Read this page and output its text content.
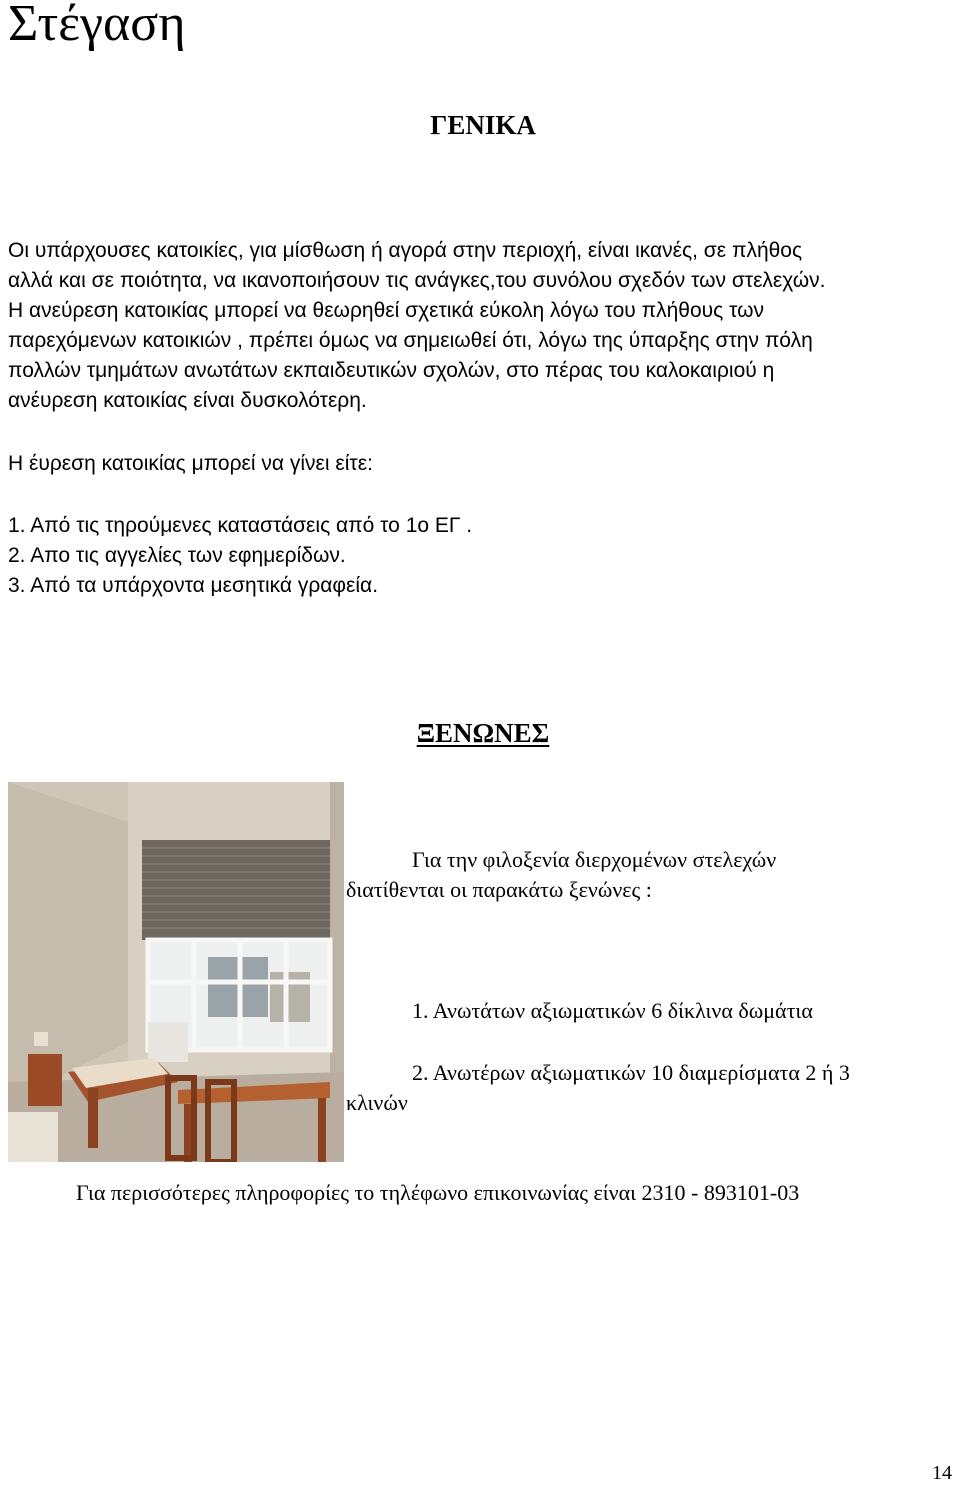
Στέγαση
ΓΕΝΙΚΑ

Οι υπάρχουσες κατοικίες, για μίσθωση ή αγορά στην περιοχή, είναι ικανές, σε πλήθος

αλλά και σε ποιότητα, να ικανοποιήσουν τις ανάγκες,του συνόλου σχεδόν των στελεχών.

Η ανεύρεση κατοικίας μπορεί να θεωρηθεί σχετικά εύκολη λόγω του πλήθους των

παρεχόμενων κατοικιών , πρέπει όμως να σημειωθεί ότι, λόγω της ύπαρξης στην πόλη

πολλών τμημάτων ανωτάτων εκπαιδευτικών σχολών, στο πέρας του καλοκαιριού η

ανέυρεση κατοικίας είναι δυσκολότερη.

Η έυρεση κατοικίας μπορεί να γίνει είτε:
1. Από τις τηρούμενες καταστάσεις από το 1ο ΕΓ .
2. Απο τις αγγελίες των εφημερίδων.
3. Από τα υπάρχοντα μεσητικά γραφεία.
ΞΕΝΩΝΕΣ
Για την φιλοξενία διερχομένων στελεχών
διατίθενται οι παρακάτω ξενώνες :
1. Ανωτάτων αξιωματικών 6 δίκλινα δωμάτια
2. Ανωτέρων αξιωματικών 10 διαμερίσματα 2 ή 3
κλινών
Για περισσότερες πληροφορίες το τηλέφωνο επικοινωνίας είναι 2310 - 893101-03
14
